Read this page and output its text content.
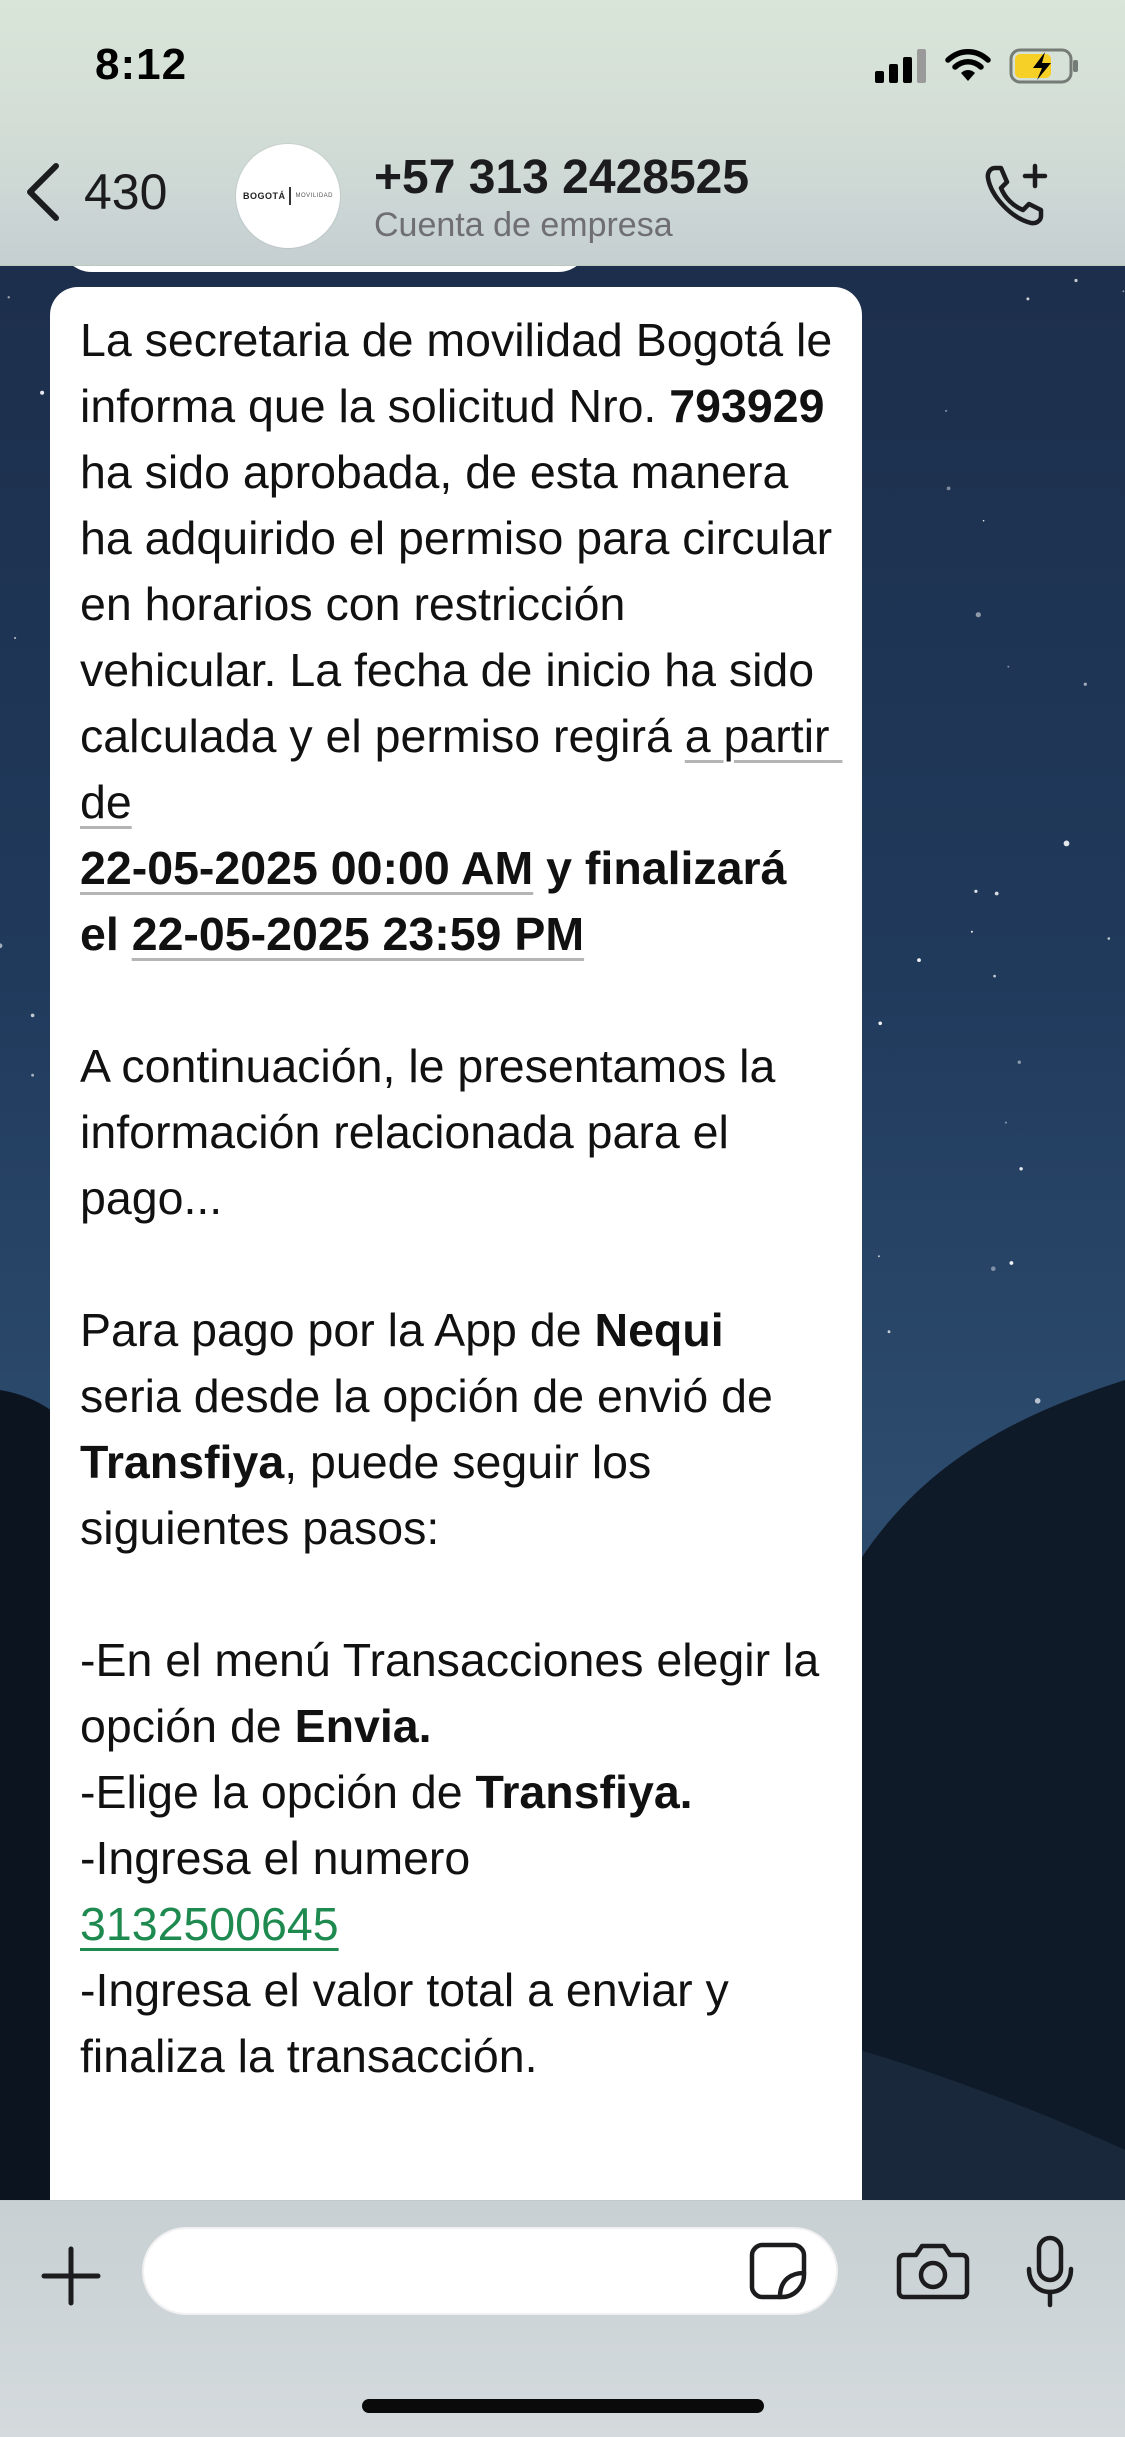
430	BOGOTÁ MOVILIDAD +57 313 2428525
Cuenta de empresa
8:12

La secretaria de movilidad Bogotá le informa que la solicitud Nro. 793929 ha sido aprobada, de esta manera ha adquirido el permiso para circular en horarios con restricción vehicular. La fecha de inicio ha sido calculada y el permiso regirá a partir de
22-05-2025 00:00 AM y finalizará el 22-05-2025 23:59 PM

A continuación, le presentamos la información relacionada para el pago...

Para pago por la App de Nequi seria desde la opción de envió de Transfiya, puede seguir los siguientes pasos:

-En el menú Transacciones elegir la opción de Envia.
-Elige la opción de Transfiya.
-Ingresa el numero
3132500645
-Ingresa el valor total a enviar y finaliza la transacción.
